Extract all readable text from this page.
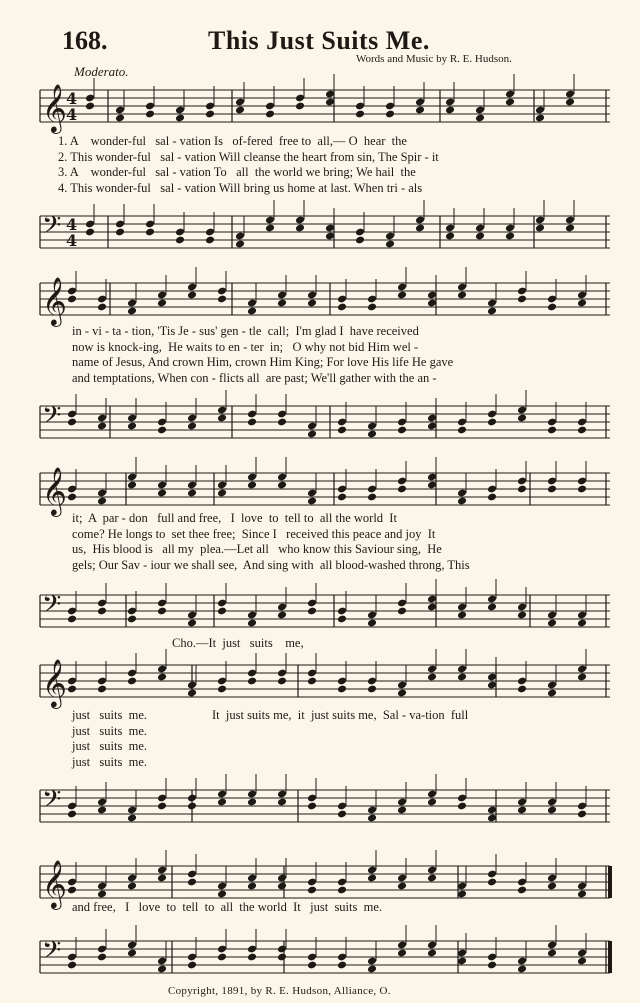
168.	This Just Suits Me.
Words and Music by R. E. Hudson.
Moderato.
𝄞 4
4
1. A    wonder-ful   sal - vation Is   of-fered  free to  all,— O  hear  the
2. This wonder-ful   sal - vation Will cleanse the heart from sin, The Spir - it
3. A    wonder-ful   sal - vation To   all  the world we bring; We hail  the
4. This wonder-ful   sal - vation Will bring us home at last. When tri - als
𝄢 4
4
𝄞
in - vi - ta - tion, 'Tis Je - sus' gen - tle  call;  I'm glad I  have received
now is knock-ing,  He waits to en - ter  in;   O why not bid Him wel -
name of Jesus, And crown Him, crown Him King; For love His life He gave
and temptations, When con - flicts all  are past; We'll gather with the an -
𝄢
𝄞
it;  A  par - don   full and free,   I  love  to  tell to  all the world  It
come? He longs to  set thee free;  Since I   received this peace and joy  It
us,  His blood is   all my  plea.—Let all   who know this Saviour sing,  He
gels; Our Sav - iour we shall see,  And sing with  all blood-washed throng, This
𝄢
Cho.—It  just   suits    me,
𝄞
just   suits  me.
just   suits  me.
just   suits  me.
just   suits  me.
It  just suits me,  it  just suits me,  Sal - va-tion  full
𝄢
𝄞 and free,   I   love  to  tell  to  all  the world  It   just  suits  me.
𝄢
Copyright, 1891, by R. E. Hudson, Alliance, O.
